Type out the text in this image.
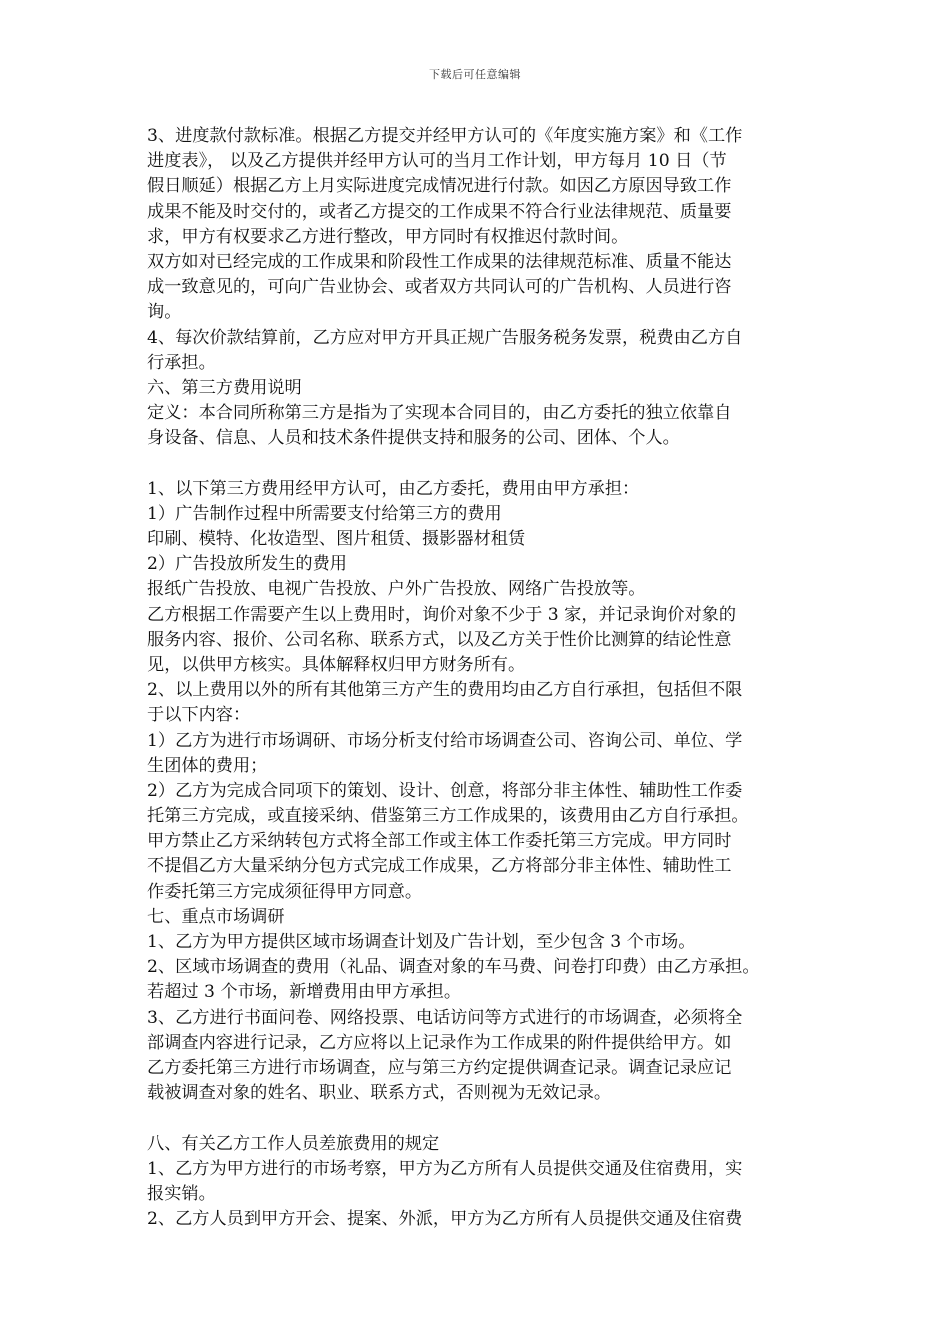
下载后可任意编辑
3、进度款付款标准。根据乙方提交并经甲方认可的《年度实施方案》和《工作
进度表》， 以及乙方提供并经甲方认可的当月工作计划，甲方每月 10 日（节
假日顺延）根据乙方上月实际进度完成情况进行付款。如因乙方原因导致工作
成果不能及时交付的，或者乙方提交的工作成果不符合行业法律规范、质量要
求，甲方有权要求乙方进行整改，甲方同时有权推迟付款时间。
双方如对已经完成的工作成果和阶段性工作成果的法律规范标准、质量不能达
成一致意见的，可向广告业协会、或者双方共同认可的广告机构、人员进行咨
询。
4、每次价款结算前，乙方应对甲方开具正规广告服务税务发票，税费由乙方自
行承担。
六、第三方费用说明
定义：本合同所称第三方是指为了实现本合同目的，由乙方委托的独立依靠自
身设备、信息、人员和技术条件提供支持和服务的公司、团体、个人。
1、以下第三方费用经甲方认可，由乙方委托，费用由甲方承担：
1）广告制作过程中所需要支付给第三方的费用
印刷、模特、化妆造型、图片租赁、摄影器材租赁
2）广告投放所发生的费用
报纸广告投放、电视广告投放、户外广告投放、网络广告投放等。
乙方根据工作需要产生以上费用时，询价对象不少于 3 家，并记录询价对象的
服务内容、报价、公司名称、联系方式，以及乙方关于性价比测算的结论性意
见，以供甲方核实。具体解释权归甲方财务所有。
2、以上费用以外的所有其他第三方产生的费用均由乙方自行承担，包括但不限
于以下内容：
1）乙方为进行市场调研、市场分析支付给市场调查公司、咨询公司、单位、学
生团体的费用；
2）乙方为完成合同项下的策划、设计、创意，将部分非主体性、辅助性工作委
托第三方完成，或直接采纳、借鉴第三方工作成果的，该费用由乙方自行承担。
甲方禁止乙方采纳转包方式将全部工作或主体工作委托第三方完成。甲方同时
不提倡乙方大量采纳分包方式完成工作成果，乙方将部分非主体性、辅助性工
作委托第三方完成须征得甲方同意。
七、重点市场调研
1、乙方为甲方提供区域市场调查计划及广告计划，至少包含 3 个市场。
2、区域市场调查的费用（礼品、调查对象的车马费、问卷打印费）由乙方承担。
若超过 3 个市场，新增费用由甲方承担。
3、乙方进行书面问卷、网络投票、电话访问等方式进行的市场调查，必须将全
部调查内容进行记录，乙方应将以上记录作为工作成果的附件提供给甲方。如
乙方委托第三方进行市场调查，应与第三方约定提供调查记录。调查记录应记
载被调查对象的姓名、职业、联系方式，否则视为无效记录。
八、有关乙方工作人员差旅费用的规定
1、乙方为甲方进行的市场考察，甲方为乙方所有人员提供交通及住宿费用，实
报实销。
2、乙方人员到甲方开会、提案、外派，甲方为乙方所有人员提供交通及住宿费
